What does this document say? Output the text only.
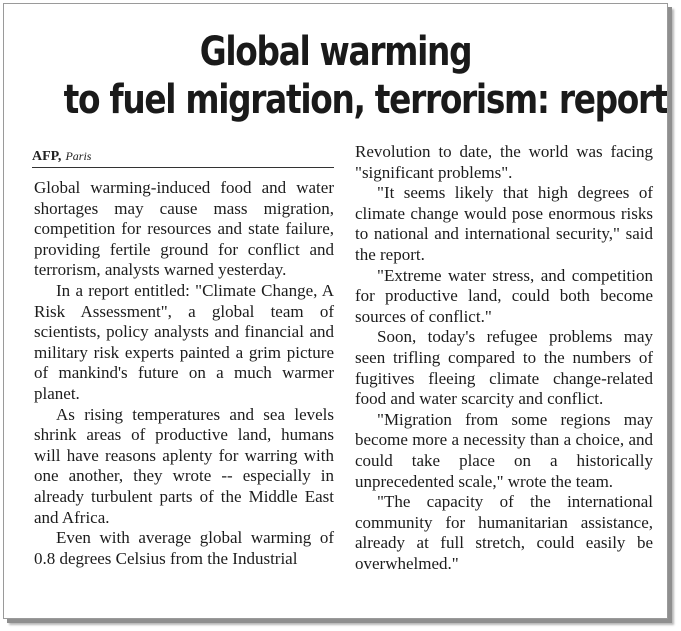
Global warming
to fuel migration, terrorism: report
AFP, Paris

Global warming-induced food and water shortages may cause mass migration, competition for resources and state failure, providing fertile ground for conflict and terrorism, analysts warned yesterday.

In a report entitled: "Climate Change, A Risk Assessment", a global team of scientists, policy analysts and financial and military risk experts painted a grim picture of mankind's future on a much warmer planet.

As rising temperatures and sea levels shrink areas of productive land, humans will have reasons aplenty for warring with one another, they wrote -- especially in already turbulent parts of the Middle East and Africa.

Even with average global warming of 0.8 degrees Celsius from the Industrial

Revolution to date, the world was facing "significant problems".

"It seems likely that high degrees of climate change would pose enormous risks to national and international security," said the report.

"Extreme water stress, and competition for productive land, could both become sources of conflict."

Soon, today's refugee problems may seen trifling compared to the numbers of fugitives fleeing climate change-related food and water scarcity and conflict.

"Migration from some regions may become more a necessity than a choice, and could take place on a historically unprecedented scale," wrote the team.

"The capacity of the international community for humanitarian assistance, already at full stretch, could easily be overwhelmed."
